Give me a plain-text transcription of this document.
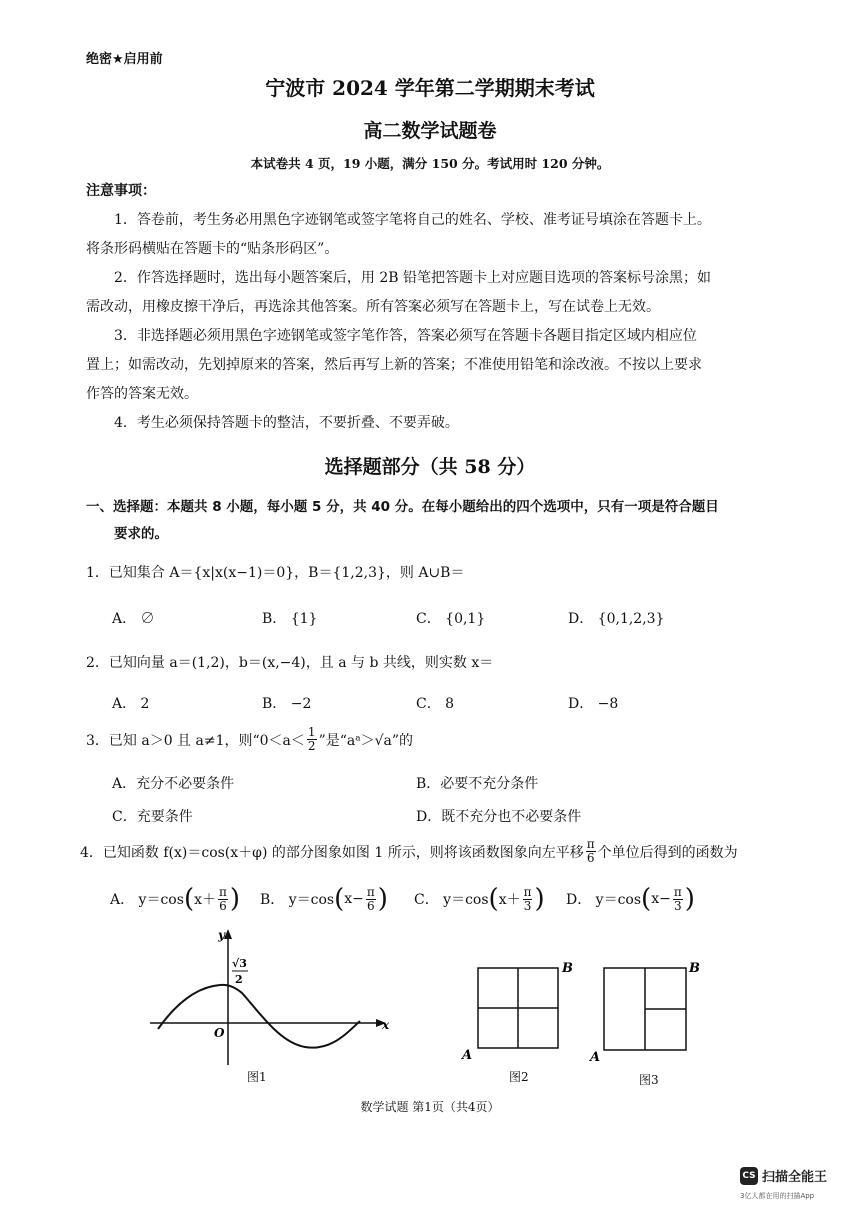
绝密★启用前
宁波市 2024 学年第二学期期末考试
高二数学试题卷
本试卷共 4 页，19 小题，满分 150 分。考试用时 120 分钟。
注意事项：
1．答卷前，考生务必用黑色字迹钢笔或签字笔将自己的姓名、学校、准考证号填涂在答题卡上。
将条形码横贴在答题卡的“贴条形码区”。
2．作答选择题时，选出每小题答案后，用 2B 铅笔把答题卡上对应题目选项的答案标号涂黑；如
需改动，用橡皮擦干净后，再选涂其他答案。所有答案必须写在答题卡上，写在试卷上无效。
3．非选择题必须用黑色字迹钢笔或签字笔作答，答案必须写在答题卡各题目指定区域内相应位
置上；如需改动，先划掉原来的答案，然后再写上新的答案；不准使用铅笔和涂改液。不按以上要求
作答的答案无效。
4．考生必须保持答题卡的整洁，不要折叠、不要弄破。
选择题部分（共 58 分）
一、选择题：本题共 8 小题，每小题 5 分，共 40 分。在每小题给出的四个选项中，只有一项是符合题目
要求的。
1．已知集合 A＝{x|x(x−1)＝0}，B＝{1,2,3}，则 A∪B＝
A． ∅	B． {1}	C． {0,1}	D． {0,1,2,3}
2．已知向量 a＝(1,2)，b＝(x,−4)，且 a 与 b 共线，则实数 x＝
A． 2	B． −2	C． 8	D． −8
3．已知 a＞0 且 a≠1，则“$0<a< \frac{1}{2}$ ”是“aᵃ＞√a”的
A．充分不必要条件	B．必要不充分条件
C．充要条件	D．既不充分也不必要条件
4．已知函数 f(x)＝cos(x＋φ) 的部分图象如图 1 所示，则将该函数图象向左平移 $\frac{\pi}{6}$ 个单位后得到的函数为
A． y＝cos ( $x+ \frac{\pi}{6}$ ) B． y＝cos ( $x- \frac{\pi}{6}$ ) C． y＝cos ( $x+ \frac{\pi}{3}$ ) D． y＝cos ( $x- \frac{\pi}{3}$ )
y
x
O
√3
2
图1
A
B
图2
A
B
图3
数学试题 第1页（共4页）
CS 扫描全能王
3亿人都在用的扫描App
